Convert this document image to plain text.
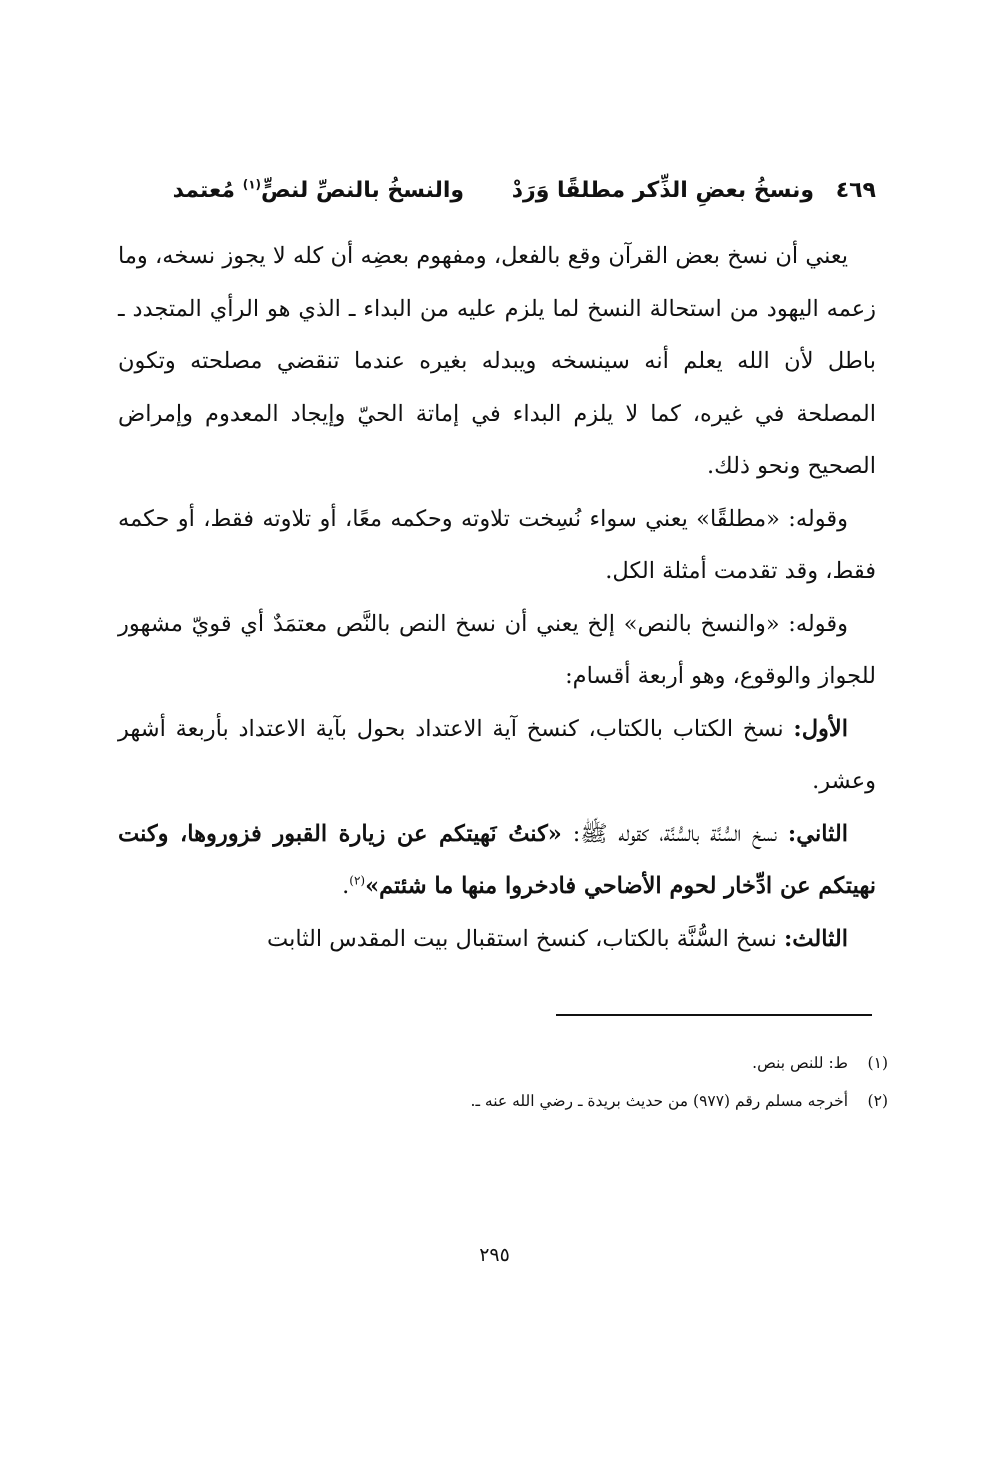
٤٦٩ ونسخُ بعضِ الذِّكر مطلقًا وَرَدْ والنسخُ بالنصِّ لنصٍّ$^{(١)}$ مُعتمد

يعني أن نسخ بعض القرآن وقع بالفعل، ومفهوم بعضِه أن كله لا يجوز نسخه، وما زعمه اليهود من استحالة النسخ لما يلزم عليه من البداء ـ الذي هو الرأي المتجدد ـ باطل لأن الله يعلم أنه سينسخه ويبدله بغيره عندما تنقضي مصلحته وتكون المصلحة في غيره، كما لا يلزم البداء في إماتة الحيّ وإيجاد المعدوم وإمراض الصحيح ونحو ذلك.

وقوله: «مطلقًا» يعني سواء نُسِخت تلاوته وحكمه معًا، أو تلاوته فقط، أو حكمه فقط، وقد تقدمت أمثلة الكل.

وقوله: «والنسخ بالنص» إلخ يعني أن نسخ النص بالنَّص معتمَدٌ أي قويّ مشهور للجواز والوقوع، وهو أربعة أقسام:

الأول: نسخ الكتاب بالكتاب، كنسخ آية الاعتداد بحول بآية الاعتداد بأربعة أشهر وعشر.

الثاني: نسخ السُّنَّة بالسُّنَّة، كقوله ﷺ: «كنتُ نَهيتكم عن زيارة القبور فزوروها، وكنت نهيتكم عن ادِّخار لحوم الأضاحي فادخروا منها ما شئتم»$^{(٢)}$.

الثالث: نسخ السُّنَّة بالكتاب، كنسخ استقبال بيت المقدس الثابت

(١)ط: للنص بنص.

(٢)أخرجه مسلم رقم (٩٧٧) من حديث بريدة ـ رضي الله عنه ـ.

٢٩٥
